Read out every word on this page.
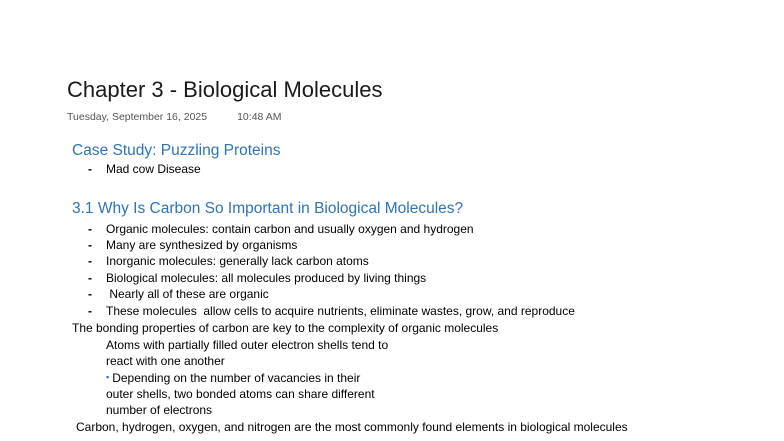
Chapter 3 - Biological Molecules
Tuesday, September 16, 2025	10:48 AM
Case Study: Puzzling Proteins
- Mad cow Disease
3.1 Why Is Carbon So Important in Biological Molecules?
- Organic molecules: contain carbon and usually oxygen and hydrogen
- Many are synthesized by organisms
- Inorganic molecules: generally lack carbon atoms
- Biological molecules: all molecules produced by living things
- Nearly all of these are organic
- These molecules  allow cells to acquire nutrients, eliminate wastes, grow, and reproduce
The bonding properties of carbon are key to the complexity of organic molecules
Atoms with partially filled outer electron shells tend to
react with one another
▪ Depending on the number of vacancies in their
outer shells, two bonded atoms can share different
number of electrons
Carbon, hydrogen, oxygen, and nitrogen are the most commonly found elements in biological molecules
